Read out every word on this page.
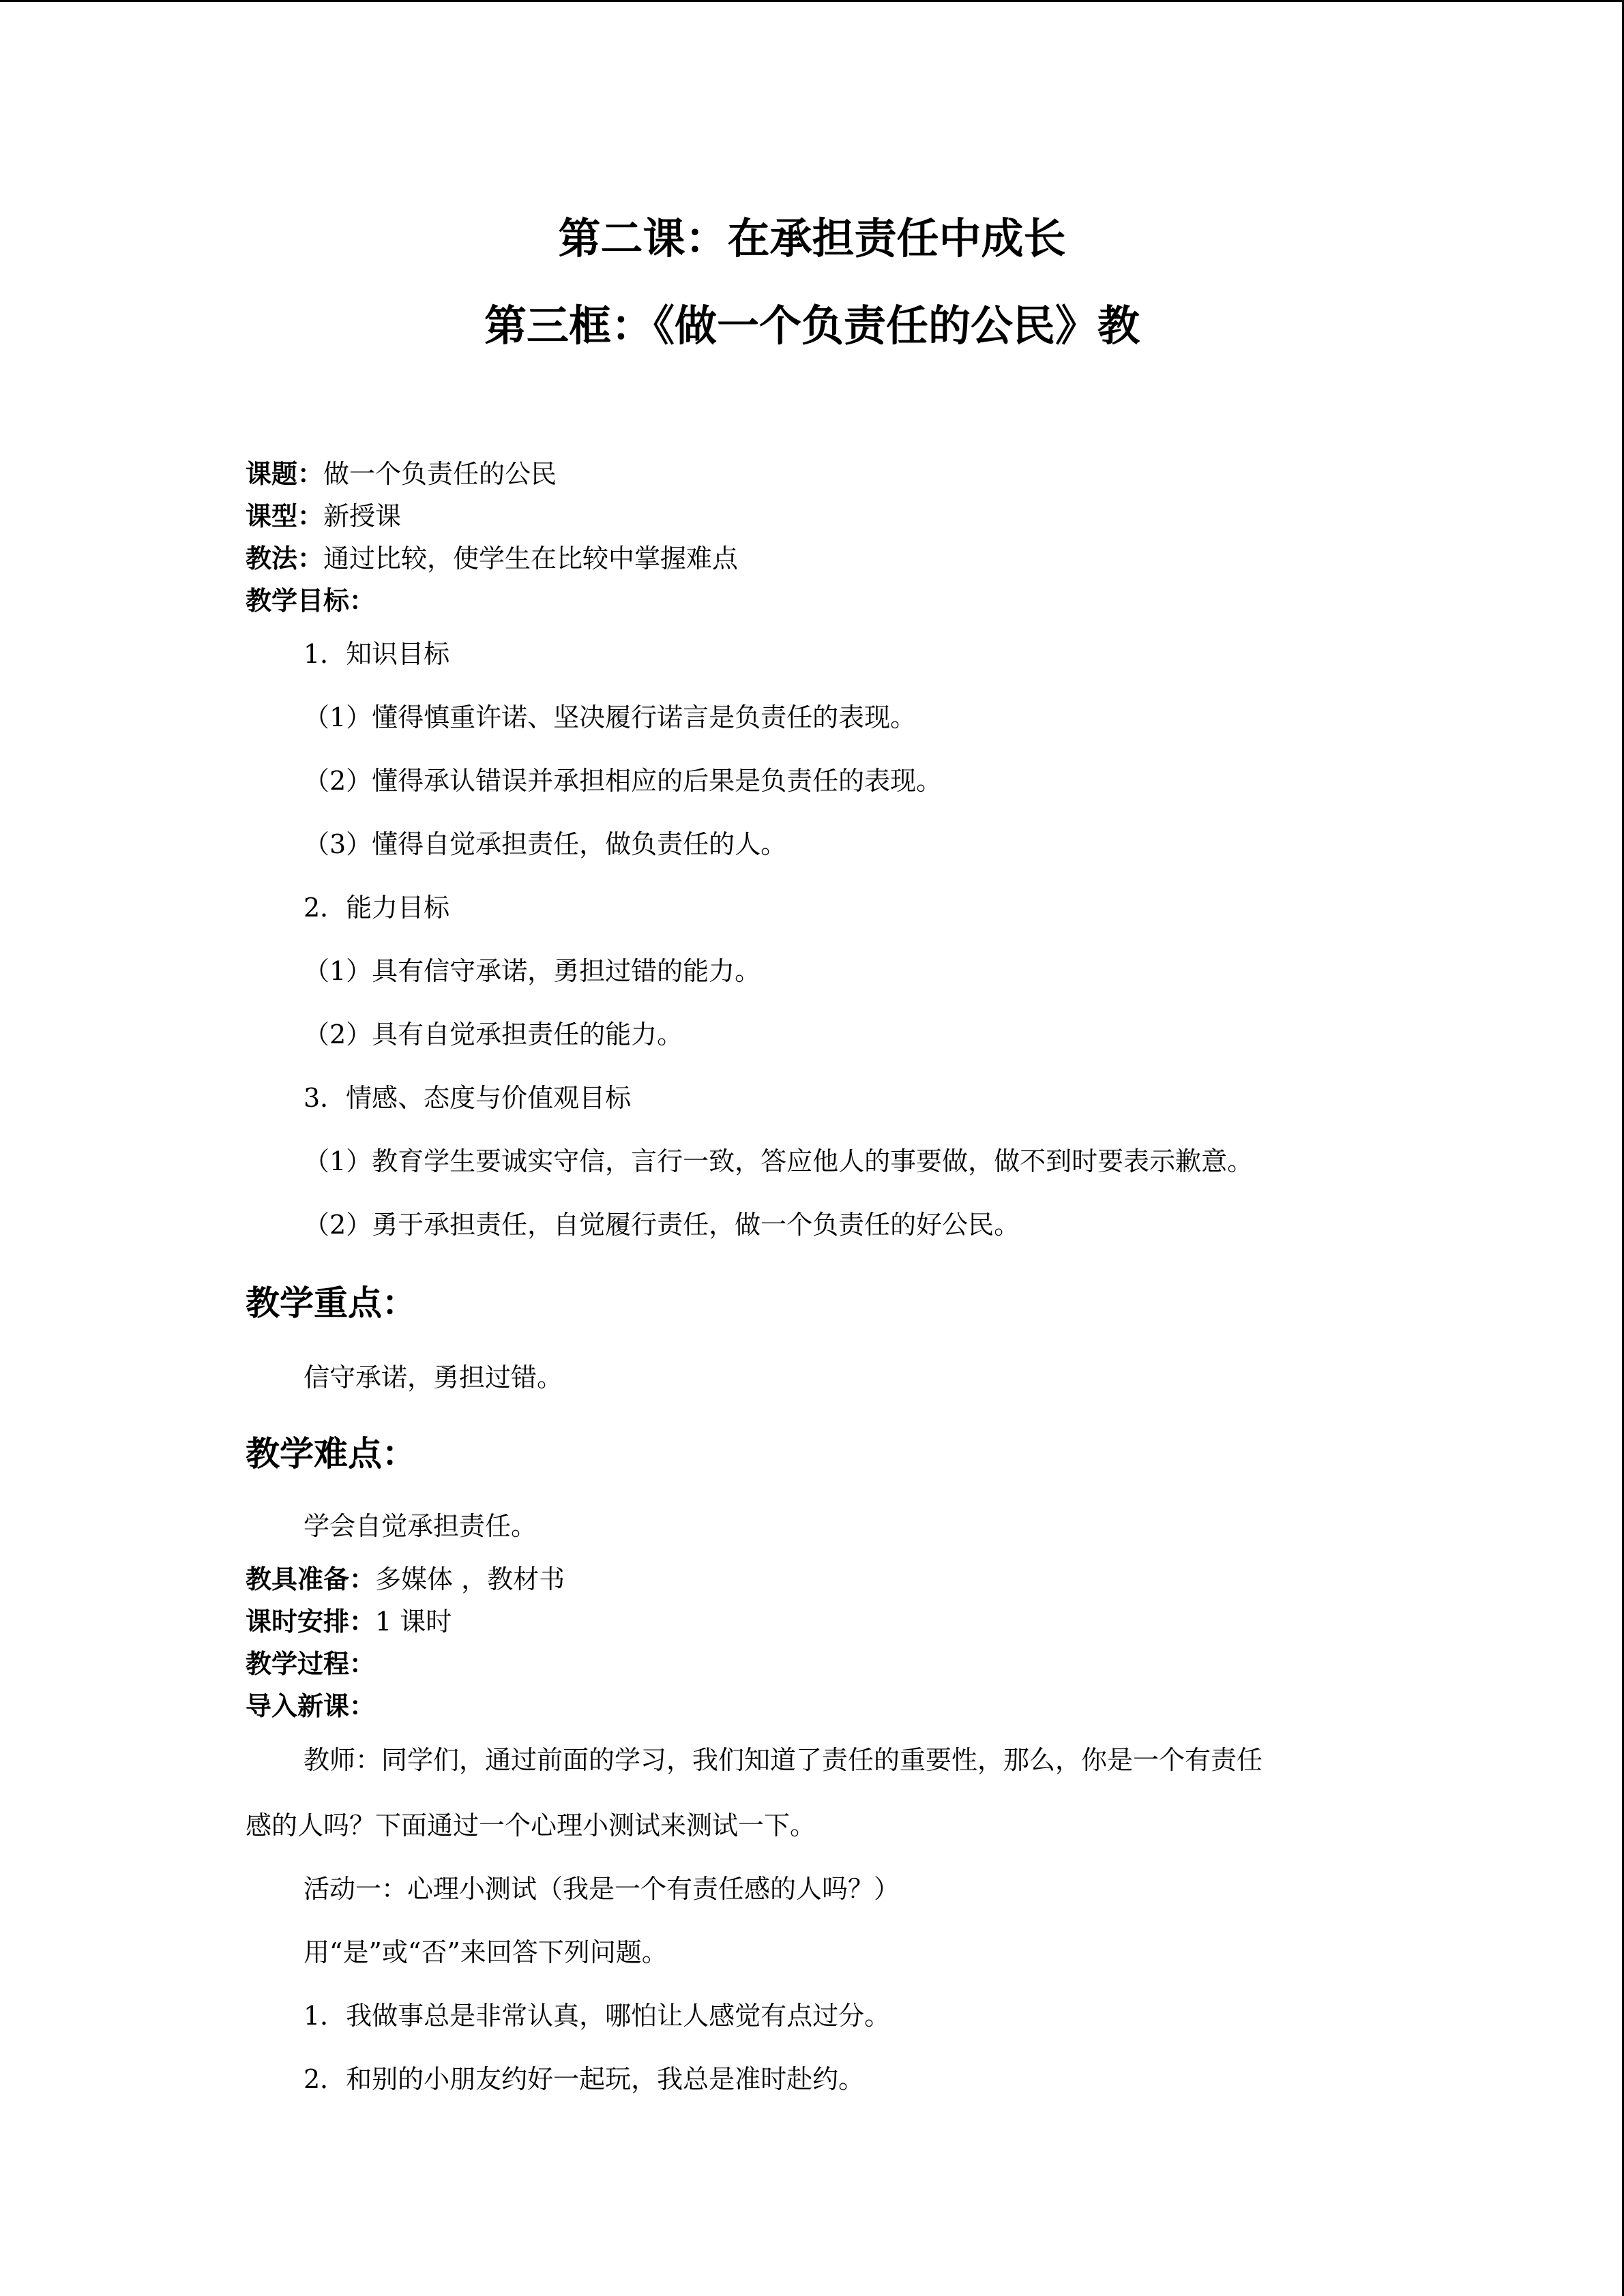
第二课：在承担责任中成长
第三框：《做一个负责任的公民》教
课题：做一个负责任的公民
课型：新授课
教法：通过比较，使学生在比较中掌握难点
教学目标：
1．知识目标
（1）懂得慎重许诺、坚决履行诺言是负责任的表现。
（2）懂得承认错误并承担相应的后果是负责任的表现。
（3）懂得自觉承担责任，做负责任的人。
2．能力目标
（1）具有信守承诺，勇担过错的能力。
（2）具有自觉承担责任的能力。
3．情感、态度与价值观目标
（1）教育学生要诚实守信，言行一致，答应他人的事要做，做不到时要表示歉意。
（2）勇于承担责任，自觉履行责任，做一个负责任的好公民。
教学重点：
信守承诺，勇担过错。
教学难点：
学会自觉承担责任。
教具准备：多媒体 ，教材书
课时安排：1 课时
教学过程：
导入新课：
教师：同学们，通过前面的学习，我们知道了责任的重要性，那么，你是一个有责任
感的人吗？下面通过一个心理小测试来测试一下。
活动一：心理小测试（我是一个有责任感的人吗？）
用“是”或“否”来回答下列问题。
1．我做事总是非常认真，哪怕让人感觉有点过分。
2．和别的小朋友约好一起玩，我总是准时赴约。
